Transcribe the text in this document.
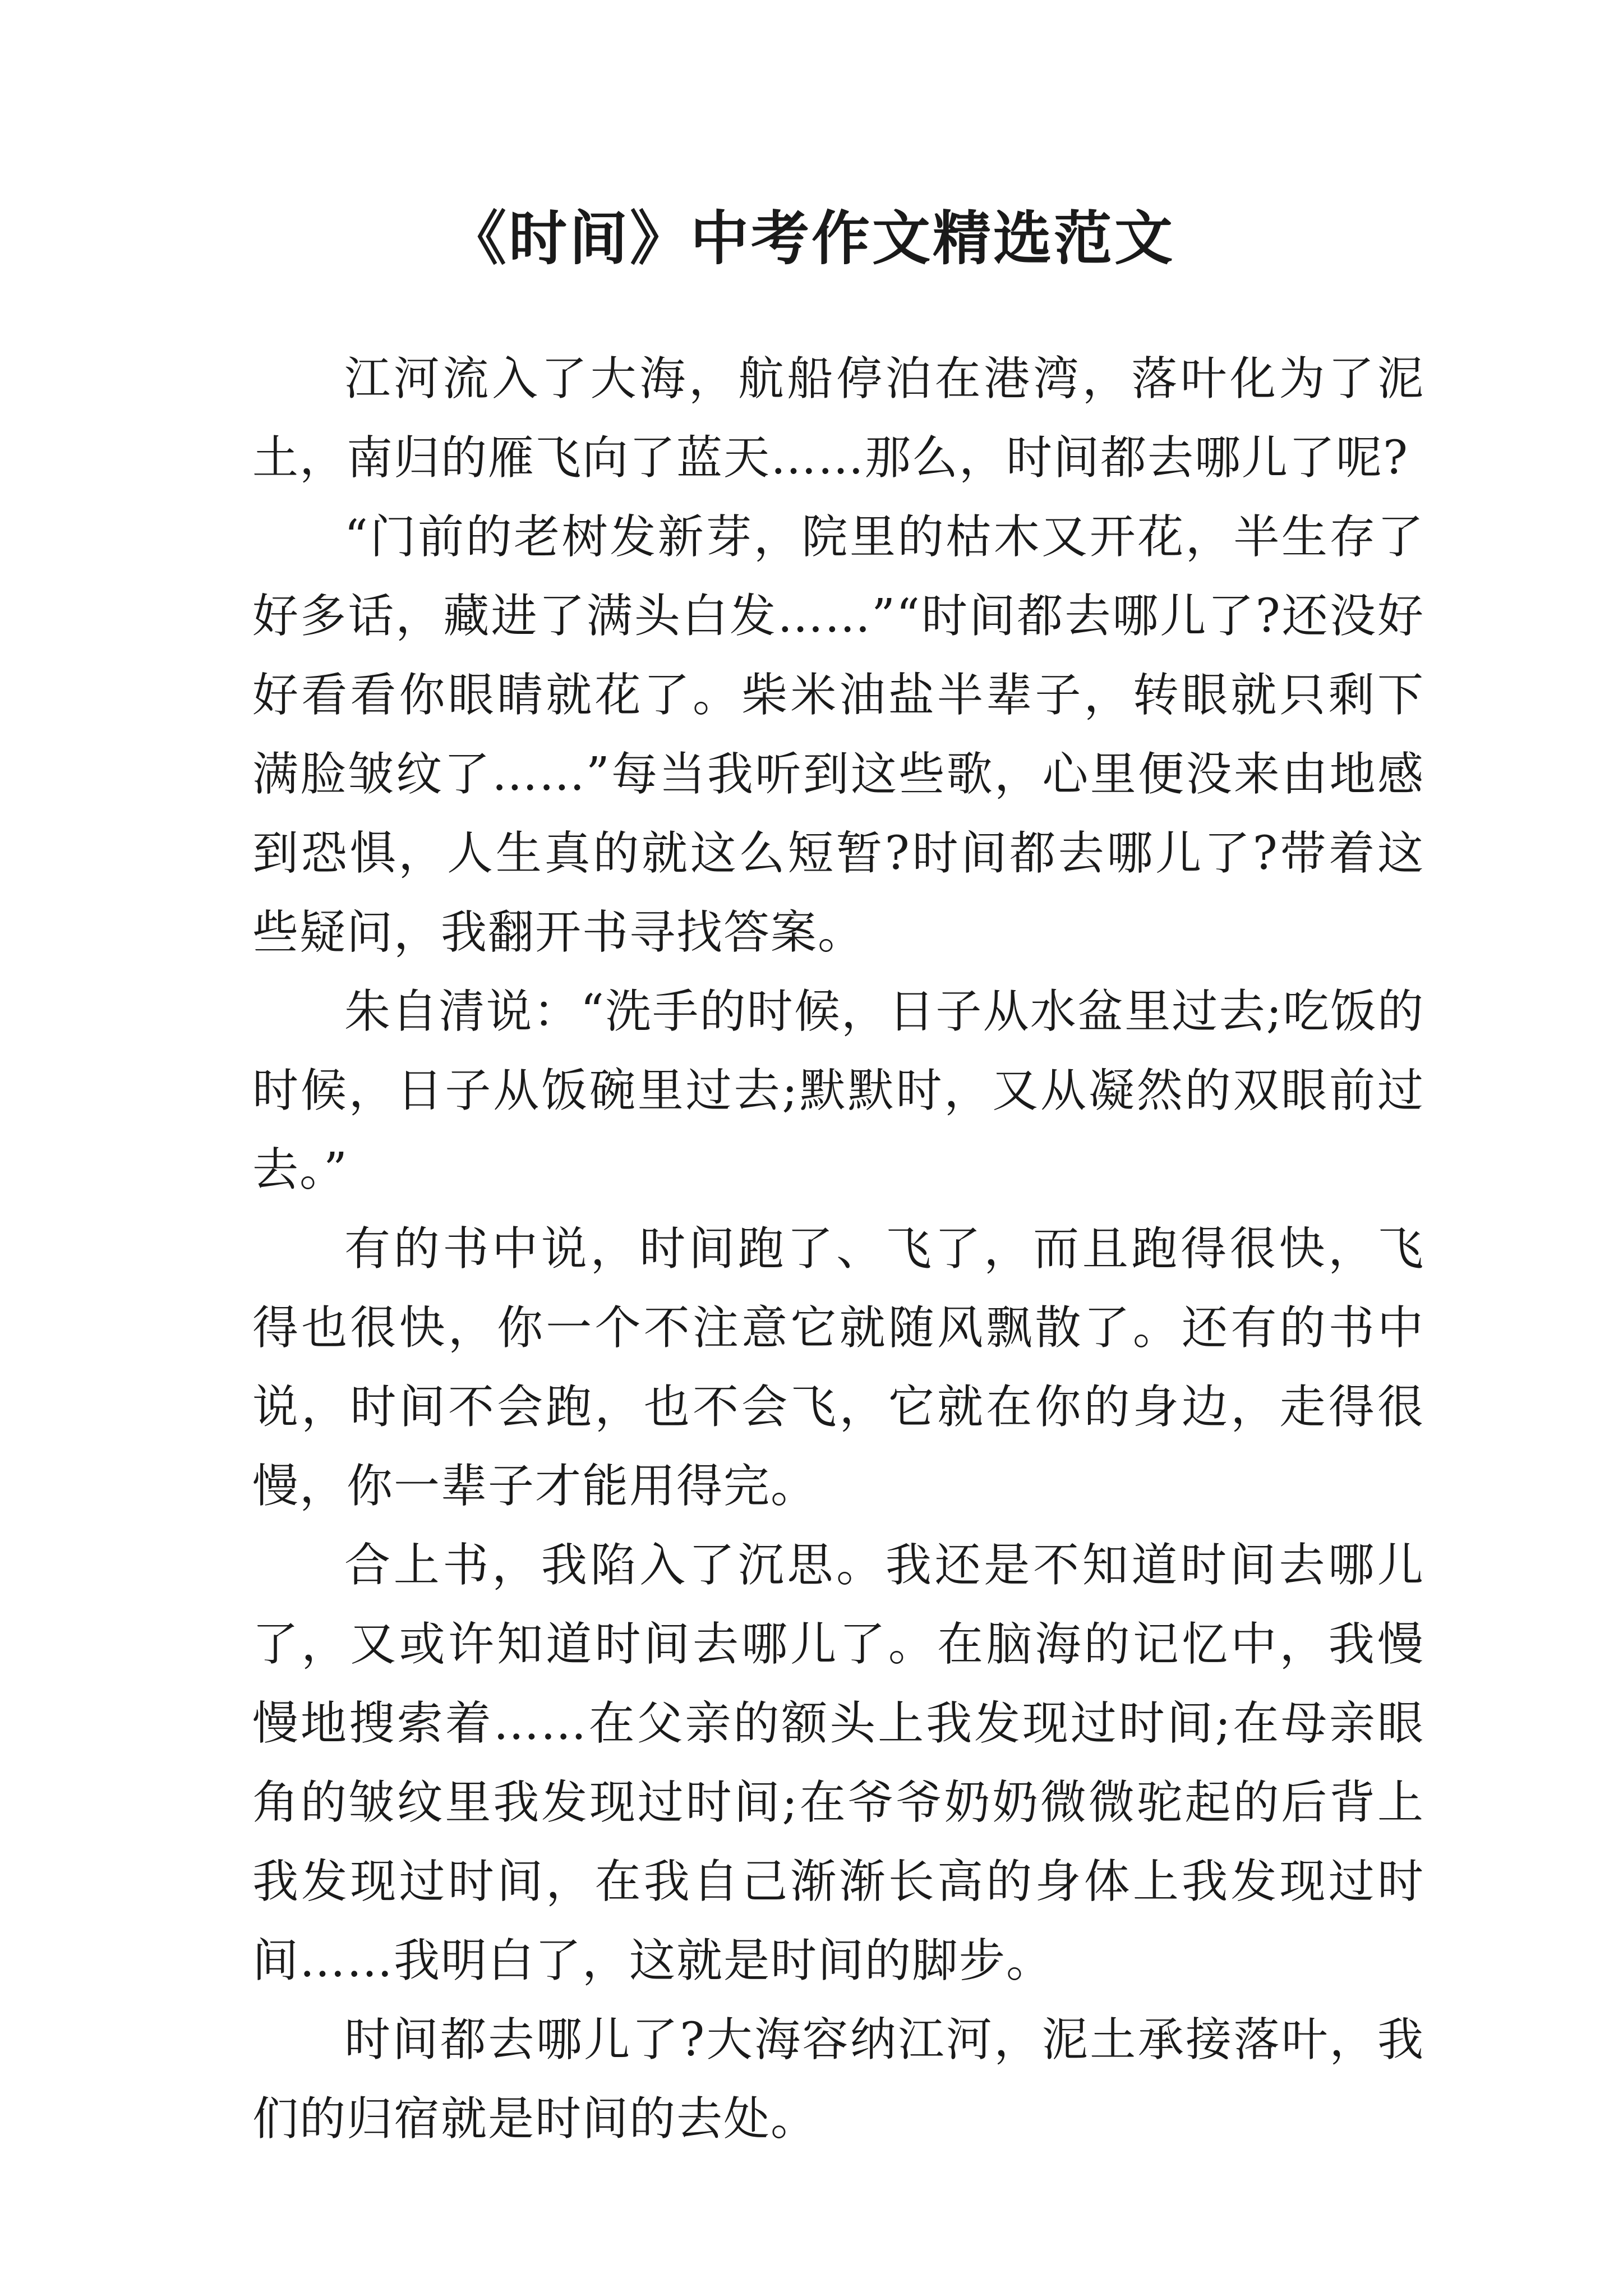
《时间》中考作文精选范文

江河流入了大海，航船停泊在港湾，落叶化为了泥土，南归的雁飞向了蓝天……那么，时间都去哪儿了呢?

“门前的老树发新芽，院里的枯木又开花，半生存了好多话，藏进了满头白发……”“时间都去哪儿了?还没好好看看你眼睛就花了。柴米油盐半辈子，转眼就只剩下满脸皱纹了……”每当我听到这些歌，心里便没来由地感到恐惧，人生真的就这么短暂?时间都去哪儿了?带着这些疑问，我翻开书寻找答案。

朱自清说：“洗手的时候，日子从水盆里过去;吃饭的时候，日子从饭碗里过去;默默时，又从凝然的双眼前过去。”

有的书中说，时间跑了、飞了，而且跑得很快，飞得也很快，你一个不注意它就随风飘散了。还有的书中说，时间不会跑，也不会飞，它就在你的身边，走得很慢，你一辈子才能用得完。

合上书，我陷入了沉思。我还是不知道时间去哪儿了，又或许知道时间去哪儿了。在脑海的记忆中，我慢慢地搜索着……在父亲的额头上我发现过时间;在母亲眼角的皱纹里我发现过时间;在爷爷奶奶微微驼起的后背上我发现过时间，在我自己渐渐长高的身体上我发现过时间……我明白了，这就是时间的脚步。

时间都去哪儿了?大海容纳江河，泥土承接落叶，我们的归宿就是时间的去处。
